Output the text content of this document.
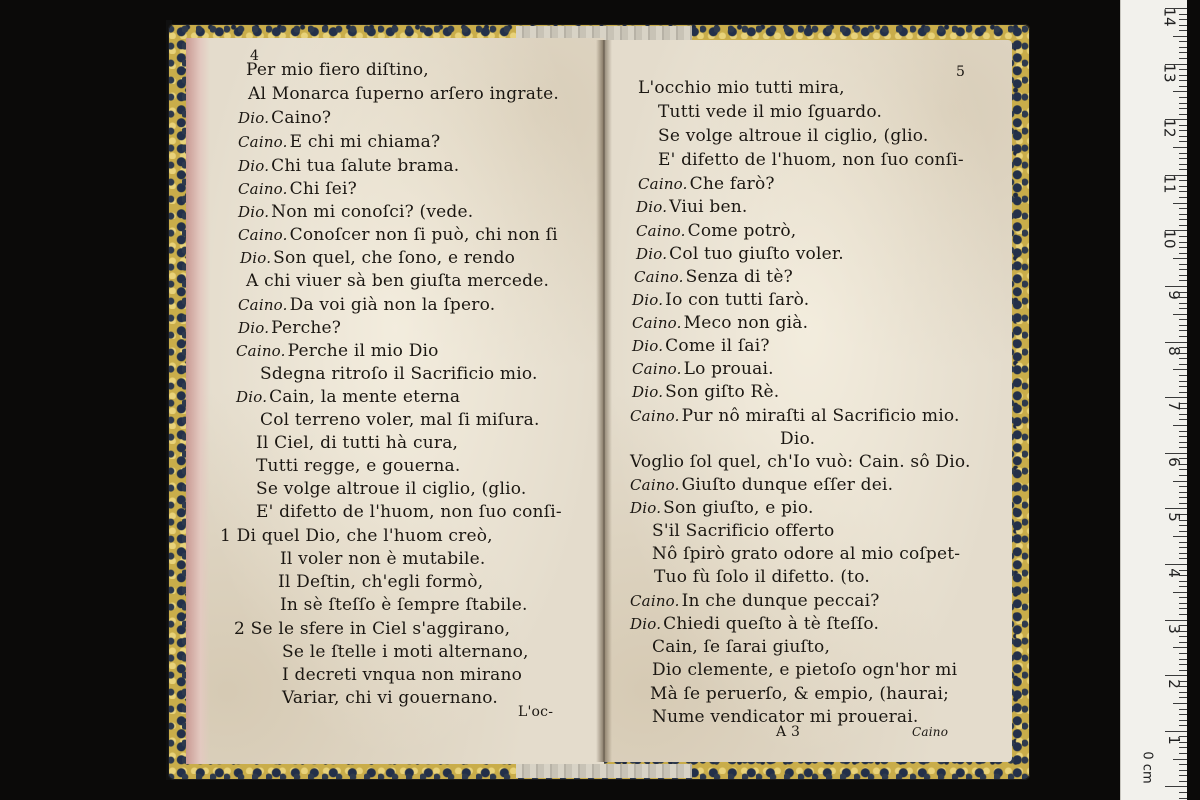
4
Per mio fiero diſtino,
Al Monarca ſuperno arſero ingrate.
Dio. Caino?
Caino. E chi mi chiama?
Dio. Chi tua ſalute brama.
Caino. Chi ſei?
Dio. Non mi conoſci? (vede.
Caino. Conoſcer non ſi può, chi non ſi
Dio. Son quel, che ſono, e rendo
A chi viuer sà ben giuſta mercede.
Caino. Da voi già non la ſpero.
Dio. Perche?
Caino. Perche il mio Dio
Sdegna ritroſo il Sacrificio mio.
Dio. Cain, la mente eterna
Col terreno voler, mal ſi miſura.
Il Ciel, di tutti hà cura,
Tutti regge, e gouerna.
Se volge altroue il ciglio, (glio.
E' difetto de l'huom, non ſuo conſi-
1 Di quel Dio, che l'huom creò,
Il voler non è mutabile.
Il Deſtin, ch'egli formò,
In sè ſteſſo è ſempre ſtabile.
2 Se le sfere in Ciel s'aggirano,
Se le ſtelle i moti alternano,
I decreti vnqua non mirano
Variar, chi vi gouernano.
L'oc-
5
L'occhio mio tutti mira,
Tutti vede il mio ſguardo.
Se volge altroue il ciglio, (glio.
E' difetto de l'huom, non ſuo conſi-
Caino. Che farò?
Dio. Viui ben.
Caino. Come potrò,
Dio. Col tuo giuſto voler.
Caino. Senza di tè?
Dio. Io con tutti ſarò.
Caino. Meco non già.
Dio. Come il ſai?
Caino. Lo prouai.
Dio. Son giſto Rè.
Caino. Pur nô miraſti al Sacrificio mio.
Dio.
Voglio ſol quel, ch'Io vuò: Cain. sô Dio.
Caino. Giuſto dunque eſſer dei.
Dio. Son giuſto, e pio.
S'il Sacrificio offerto
Nô ſpirò grato odore al mio coſpet-
Tuo fù ſolo il difetto. (to.
Caino. In che dunque peccai?
Dio. Chiedi queſto à tè ſteſſo.
Cain, ſe ſarai giuſto,
Dio clemente, e pietoſo ogn'hor mi
Mà ſe peruerſo, & empio, (haurai;
Nume vendicator mi prouerai.
A 3	Caino
0 cm
14
13
12
11
10
9
8
7
6
5
4
3
2
1
